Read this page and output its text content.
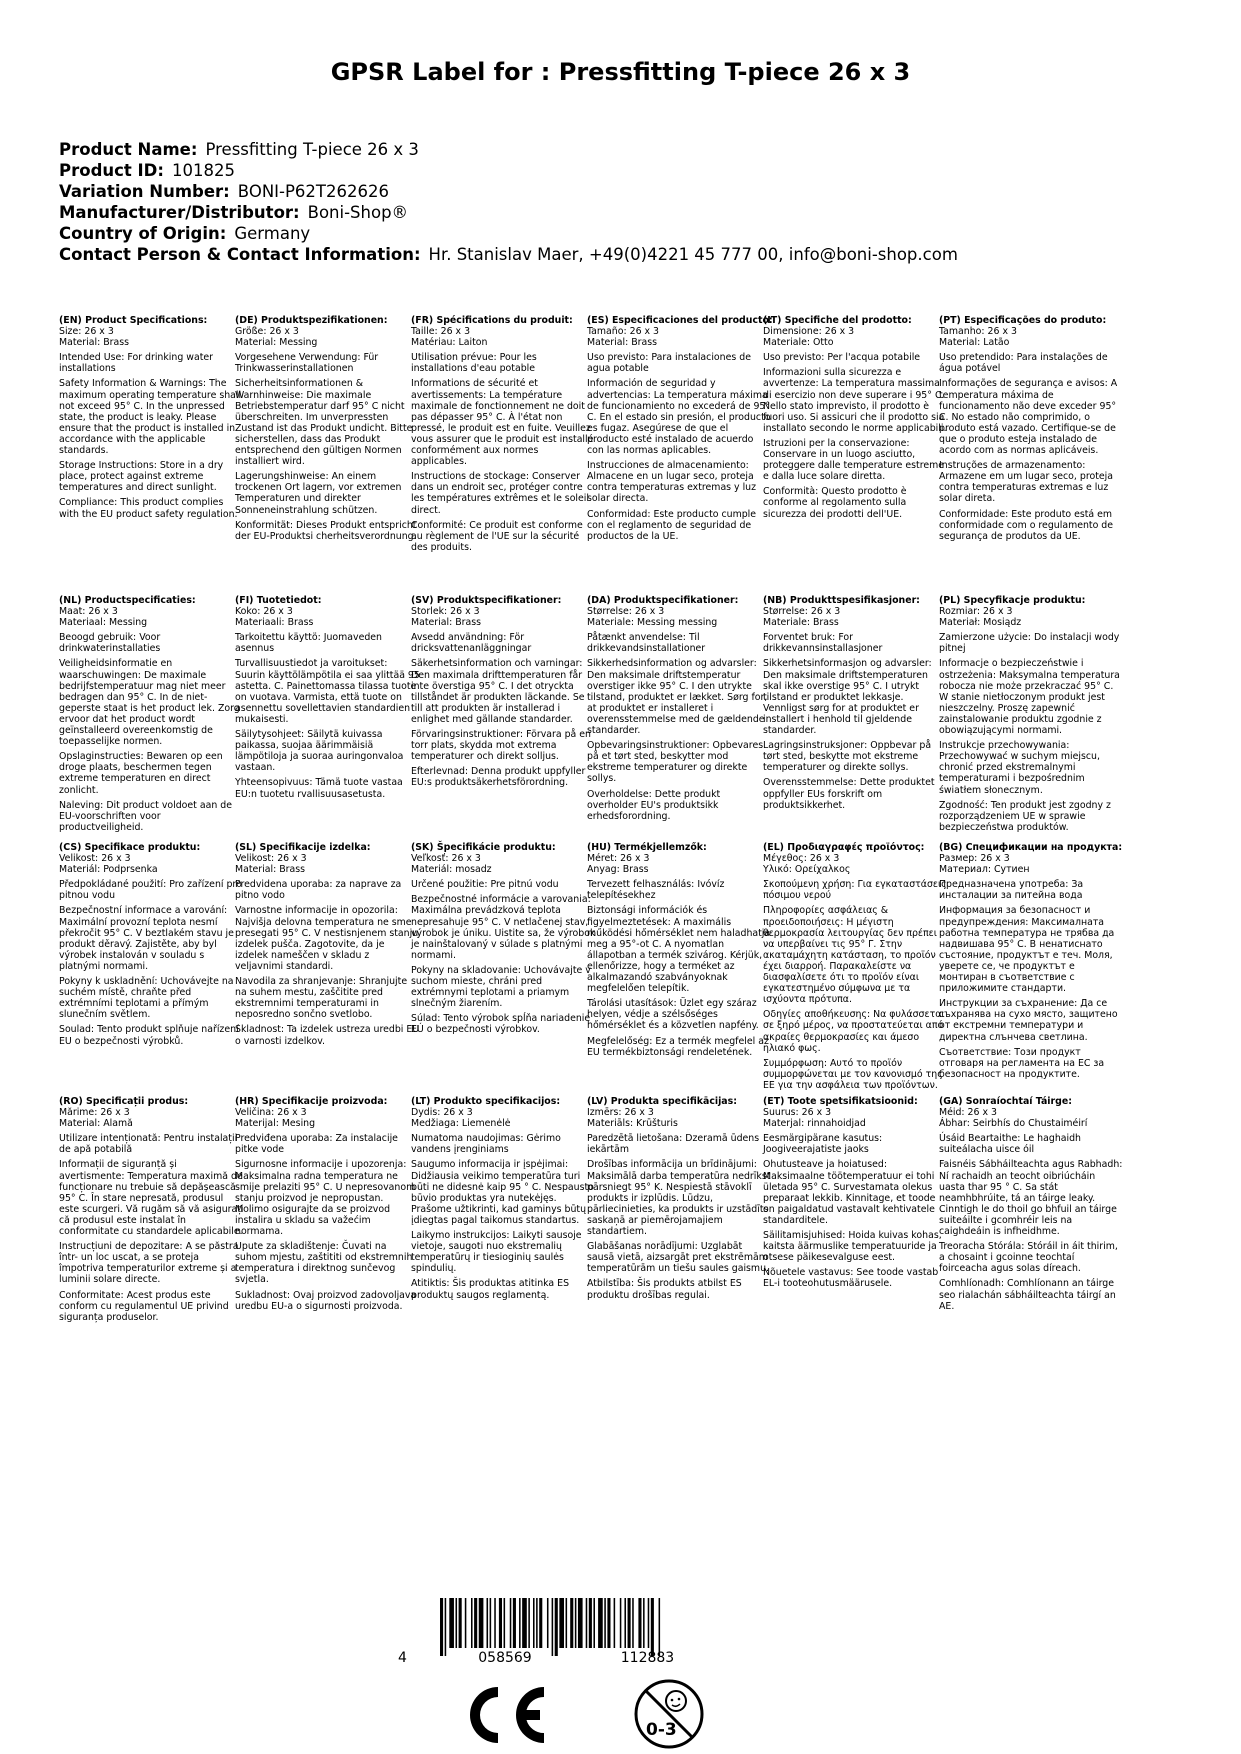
GPSR Label for : Pressfitting T-piece 26 x 3
Product Name: Pressfitting T-piece 26 x 3
Product ID: 101825
Variation Number: BONI-P62T262626
Manufacturer/Distributor: Boni-Shop®
Country of Origin: Germany
Contact Person & Contact Information: Hr. Stanislav Maer, +49(0)4221 45 777 00, info@boni-shop.com
(EN) Product Specifications:

Size: 26 x 3

Material: Brass

Intended Use: For drinking water installations

Safety Information & Warnings: The maximum operating temperature shall not exceed 95° C. In the unpressed state, the product is leaky. Please ensure that the product is installed in accordance with the applicable standards.

Storage Instructions: Store in a dry place, protect against extreme temperatures and direct sunlight.

Compliance: This product complies with the EU product safety regulation.

(DE) Produktspezifikationen:

Größe: 26 x 3

Material: Messing

Vorgesehene Verwendung: Für Trinkwasserinstallationen

Sicherheitsinformationen & Warnhinweise: Die maximale Betriebstemperatur darf 95° C nicht überschreiten. Im unverpressten Zustand ist das Produkt undicht. Bitte sicherstellen, dass das Produkt entsprechend den gültigen Normen installiert wird.

Lagerungshinweise: An einem trockenen Ort lagern, vor extremen Temperaturen und direkter Sonneneinstrahlung schützen.

Konformität: Dieses Produkt entspricht der EU-Produktsi cherheitsverordnung.

(FR) Spécifications du produit:

Taille: 26 x 3

Matériau: Laiton

Utilisation prévue: Pour les installations d'eau potable

Informations de sécurité et avertissements: La température maximale de fonctionnement ne doit pas dépasser 95° C. À l'état non pressé, le produit est en fuite. Veuillez vous assurer que le produit est installé conformément aux normes applicables.

Instructions de stockage: Conserver dans un endroit sec, protéger contre les températures extrêmes et le soleil direct.

Conformité: Ce produit est conforme au règlement de l'UE sur la sécurité des produits.

(ES) Especificaciones del producto:

Tamaño: 26 x 3

Material: Brass

Uso previsto: Para instalaciones de agua potable

Información de seguridad y advertencias: La temperatura máxima de funcionamiento no excederá de 95° C. En el estado sin presión, el producto es fugaz. Asegúrese de que el producto esté instalado de acuerdo con las normas aplicables.

Instrucciones de almacenamiento: Almacene en un lugar seco, proteja contra temperaturas extremas y luz solar directa.

Conformidad: Este producto cumple con el reglamento de seguridad de productos de la UE.

(IT) Specifiche del prodotto:

Dimensione: 26 x 3

Materiale: Otto

Uso previsto: Per l'acqua potabile

Informazioni sulla sicurezza e avvertenze: La temperatura massima di esercizio non deve superare i 95° C. Nello stato imprevisto, il prodotto è fuori uso. Si assicuri che il prodotto sia installato secondo le norme applicabili.

Istruzioni per la conservazione: Conservare in un luogo asciutto, proteggere dalle temperature estreme e dalla luce solare diretta.

Conformità: Questo prodotto è conforme al regolamento sulla sicurezza dei prodotti dell'UE.

(PT) Especificações do produto:

Tamanho: 26 x 3

Material: Latão

Uso pretendido: Para instalações de água potável

Informações de segurança e avisos: A temperatura máxima de funcionamento não deve exceder 95° C. No estado não comprimido, o produto está vazado. Certifique-se de que o produto esteja instalado de acordo com as normas aplicáveis.

Instruções de armazenamento: Armazene em um lugar seco, proteja contra temperaturas extremas e luz solar direta.

Conformidade: Este produto está em conformidade com o regulamento de segurança de produtos da UE.

(NL) Productspecificaties:

Maat: 26 x 3

Materiaal: Messing

Beoogd gebruik: Voor drinkwaterinstallaties

Veiligheidsinformatie en waarschuwingen: De maximale bedrijfstemperatuur mag niet meer bedragen dan 95° C. In de niet-geperste staat is het product lek. Zorg ervoor dat het product wordt geïnstalleerd overeenkomstig de toepasselijke normen.

Opslaginstructies: Bewaren op een droge plaats, beschermen tegen extreme temperaturen en direct zonlicht.

Naleving: Dit product voldoet aan de EU-voorschriften voor productveiligheid.

(FI) Tuotetiedot:

Koko: 26 x 3

Materiaali: Brass

Tarkoitettu käyttö: Juomaveden asennus

Turvallisuustiedot ja varoitukset: Suurin käyttölämpötila ei saa ylittää 95 astetta. C. Painettomassa tilassa tuote on vuotava. Varmista, että tuote on asennettu sovellettavien standardien mukaisesti.

Säilytysohjeet: Säilytä kuivassa paikassa, suojaa äärimmäisiä lämpötiloja ja suoraa auringonvaloa vastaan.

Yhteensopivuus: Tämä tuote vastaa EU:n tuotetu rvallisuusasetusta.

(SV) Produktspecifikationer:

Storlek: 26 x 3

Material: Brass

Avsedd användning: För dricksvattenanläggningar

Säkerhetsinformation och varningar: Den maximala drifttemperaturen får inte överstiga 95° C. I det otryckta tillståndet är produkten läckande. Se till att produkten är installerad i enlighet med gällande standarder.

Förvaringsinstruktioner: Förvara på en torr plats, skydda mot extrema temperaturer och direkt solljus.

Efterlevnad: Denna produkt uppfyller EU:s produktsäkerhetsförordning.

(DA) Produktspecifikationer:

Størrelse: 26 x 3

Materiale: Messing messing

Påtænkt anvendelse: Til drikkevandsinstallationer

Sikkerhedsinformation og advarsler: Den maksimale driftstemperatur overstiger ikke 95° C. I den utrykte tilstand, produktet er lækket. Sørg for, at produktet er installeret i overensstemmelse med de gældende standarder.

Opbevaringsinstruktioner: Opbevares på et tørt sted, beskytter mod ekstreme temperaturer og direkte sollys.

Overholdelse: Dette produkt overholder EU's produktsikk erhedsforordning.

(NB) Produkttspesifikasjoner:

Størrelse: 26 x 3

Materiale: Brass

Forventet bruk: For drikkevannsinstallasjoner

Sikkerhetsinformasjon og advarsler: Den maksimale driftstemperaturen skal ikke overstige 95° C. I utrykt tilstand er produktet lekkasje. Vennligst sørg for at produktet er installert i henhold til gjeldende standarder.

Lagringsinstruksjoner: Oppbevar på tørt sted, beskytte mot ekstreme temperaturer og direkte sollys.

Overensstemmelse: Dette produktet oppfyller EUs forskrift om produktsikkerhet.

(PL) Specyfikacje produktu:

Rozmiar: 26 x 3

Materiał: Mosiądz

Zamierzone użycie: Do instalacji wody pitnej

Informacje o bezpieczeństwie i ostrzeżenia: Maksymalna temperatura robocza nie może przekraczać 95° C. W stanie nietłoczonym produkt jest nieszczelny. Proszę zapewnić zainstalowanie produktu zgodnie z obowiązującymi normami.

Instrukcje przechowywania: Przechowywać w suchym miejscu, chronić przed ekstremalnymi temperaturami i bezpośrednim światłem słonecznym.

Zgodność: Ten produkt jest zgodny z rozporządzeniem UE w sprawie bezpieczeństwa produktów.

(CS) Specifikace produktu:

Velikost: 26 x 3

Materiál: Podprsenka

Předpokládané použití: Pro zařízení pro pitnou vodu

Bezpečnostní informace a varování: Maximální provozní teplota nesmí překročit 95° C. V beztlakém stavu je produkt děravý. Zajistěte, aby byl výrobek instalován v souladu s platnými normami.

Pokyny k uskladnění: Uchovávejte na suchém místě, chraňte před extrémními teplotami a přímým slunečním světlem.

Soulad: Tento produkt splňuje nařízení EU o bezpečnosti výrobků.

(SL) Specifikacije izdelka:

Velikost: 26 x 3

Material: Brass

Predvidena uporaba: za naprave za pitno vodo

Varnostne informacije in opozorila: Najvišja delovna temperatura ne sme presegati 95° C. V nestisnjenem stanju izdelek pušča. Zagotovite, da je izdelek nameščen v skladu z veljavnimi standardi.

Navodila za shranjevanje: Shranjujte na suhem mestu, zaščitite pred ekstremnimi temperaturami in neposredno sončno svetlobo.

Skladnost: Ta izdelek ustreza uredbi EU o varnosti izdelkov.

(SK) Špecifikácie produktu:

Veľkosť: 26 x 3

Materiál: mosadz

Určené použitie: Pre pitnú vodu

Bezpečnostné informácie a varovania: Maximálna prevádzková teplota nepresahuje 95° C. V netlačenej stav, výrobok je úniku. Uistite sa, že výrobok je nainštalovaný v súlade s platnými normami.

Pokyny na skladovanie: Uchovávajte v suchom mieste, chráni pred extrémnymi teplotami a priamym slnečným žiarením.

Súlad: Tento výrobok spĺňa nariadenie EÚ o bezpečnosti výrobkov.

(HU) Termékjellemzők:

Méret: 26 x 3

Anyag: Brass

Tervezett felhasználás: Ivóvíz telepítésekhez

Biztonsági információk és figyelmeztetések: A maximális működési hőmérséklet nem haladhatja meg a 95°-ot C. A nyomatlan állapotban a termék szivárog. Kérjük, ellenőrizze, hogy a terméket az alkalmazandó szabványoknak megfelelően telepítik.

Tárolási utasítások: Üzlet egy száraz helyen, védje a szélsőséges hőmérséklet és a közvetlen napfény.

Megfelelőség: Ez a termék megfelel az EU termékbiztonsági rendeletének.

(EL) Προδιαγραφές προϊόντος:

Μέγεθος: 26 x 3

Υλικό: Ορείχαλκος

Σκοπούμενη χρήση: Για εγκαταστάσεις πόσιμου νερού

Πληροφορίες ασφάλειας & προειδοποιήσεις: Η μέγιστη θερμοκρασία λειτουργίας δεν πρέπει να υπερβαίνει τις 95° Γ. Στην ακαταμάχητη κατάσταση, το προϊόν έχει διαρροή. Παρακαλείστε να διασφαλίσετε ότι το προϊόν είναι εγκατεστημένο σύμφωνα με τα ισχύοντα πρότυπα.

Οδηγίες αποθήκευσης: Να φυλάσσεται σε ξηρό μέρος, να προστατεύεται από ακραίες θερμοκρασίες και άμεσο ηλιακό φως.

Συμμόρφωση: Αυτό το προϊόν συμμορφώνεται με τον κανονισμό της ΕΕ για την ασφάλεια των προϊόντων.

(BG) Спецификации на продукта:

Размер: 26 x 3

Материал: Сутиен

Предназначена употреба: За инсталации за питейна вода

Информация за безопасност и предупреждения: Максималната работна температура не трябва да надвишава 95° C. В ненатиснато състояние, продуктът е теч. Моля, уверете се, че продуктът е монтиран в съответствие с приложимите стандарти.

Инструкции за съхранение: Да се съхранява на сухо място, защитено от екстремни температури и директна слънчева светлина.

Съответствие: Този продукт отговаря на регламента на ЕС за безопасност на продуктите.

(RO) Specificații produs:

Mărime: 26 x 3

Material: Alamă

Utilizare intenționată: Pentru instalații de apă potabilă

Informații de siguranță și avertismente: Temperatura maximă de funcționare nu trebuie să depășească 95° C. În stare nepresată, produsul este scurgeri. Vă rugăm să vă asigurați că produsul este instalat în conformitate cu standardele aplicabile.

Instrucțiuni de depozitare: A se păstra într- un loc uscat, a se proteja împotriva temperaturilor extreme și a luminii solare directe.

Conformitate: Acest produs este conform cu regulamentul UE privind siguranța produselor.

(HR) Specifikacije proizvoda:

Veličina: 26 x 3

Materijal: Mesing

Predviđena uporaba: Za instalacije pitke vode

Sigurnosne informacije i upozorenja: Maksimalna radna temperatura ne smije prelaziti 95° C. U nepresovanom stanju proizvod je nepropustan. Molimo osigurajte da se proizvod instalira u skladu sa važećim normama.

Upute za skladištenje: Čuvati na suhom mjestu, zaštititi od ekstremnih temperatura i direktnog sunčevog svjetla.

Sukladnost: Ovaj proizvod zadovoljava uredbu EU-a o sigurnosti proizvoda.

(LT) Produkto specifikacijos:

Dydis: 26 x 3

Medžiaga: Liemenėlė

Numatoma naudojimas: Gėrimo vandens įrenginiams

Saugumo informacija ir įspėjimai: Didžiausia veikimo temperatūra turi būti ne didesnė kaip 95 ° C. Nespausto būvio produktas yra nutekėjęs. Prašome užtikrinti, kad gaminys būtų įdiegtas pagal taikomus standartus.

Laikymo instrukcijos: Laikyti sausoje vietoje, saugoti nuo ekstremalių temperatūrų ir tiesioginių saulės spindulių.

Atitiktis: Šis produktas atitinka ES produktų saugos reglamentą.

(LV) Produkta specifikācijas:

Izmērs: 26 x 3

Materiāls: Krūšturis

Paredzētā lietošana: Dzeramā ūdens iekārtām

Drošības informācija un brīdinājumi: Maksimālā darba temperatūra nedrīkst pārsniegt 95° K. Nespiestā stāvoklī produkts ir izplūdis. Lūdzu, pārliecinieties, ka produkts ir uzstādīts saskaņā ar piemērojamajiem standartiem.

Glabāšanas norādījumi: Uzglabāt sausā vietā, aizsargāt pret ekstrēmām temperatūrām un tiešu saules gaismu.

Atbilstība: Šis produkts atbilst ES produktu drošības regulai.

(ET) Toote spetsifikatsioonid:

Suurus: 26 x 3

Materjal: rinnahoidjad

Eesmärgipärane kasutus: Joogiveerajatiste jaoks

Ohutusteave ja hoiatused: Maksimaalne töötemperatuur ei tohi ületada 95° C. Survestamata olekus preparaat lekkib. Kinnitage, et toode on paigaldatud vastavalt kehtivatele standarditele.

Säilitamisjuhised: Hoida kuivas kohas, kaitsta äärmuslike temperatuuride ja otsese päikesevalguse eest.

Nõuetele vastavus: See toode vastab EL-i tooteohutusmäärusele.

(GA) Sonraíochtaí Táirge:

Méid: 26 x 3

Ábhar: Seirbhís do Chustaiméirí

Úsáid Beartaithe: Le haghaidh suiteálacha uisce óil

Faisnéis Sábháilteachta agus Rabhadh: Ní rachaidh an teocht oibriúcháin uasta thar 95 ° C. Sa stát neamhbhrúite, tá an táirge leaky. Cinntigh le do thoil go bhfuil an táirge suiteáilte i gcomhréir leis na caighdeáin is infheidhme.

Treoracha Stórála: Stóráil in áit thirim, a chosaint i gcoinne teochtaí foirceacha agus solas díreach.

Comhlíonadh: Comhlíonann an táirge seo rialachán sábháilteachta táirgí an AE.

4	058569	112883
0-3
